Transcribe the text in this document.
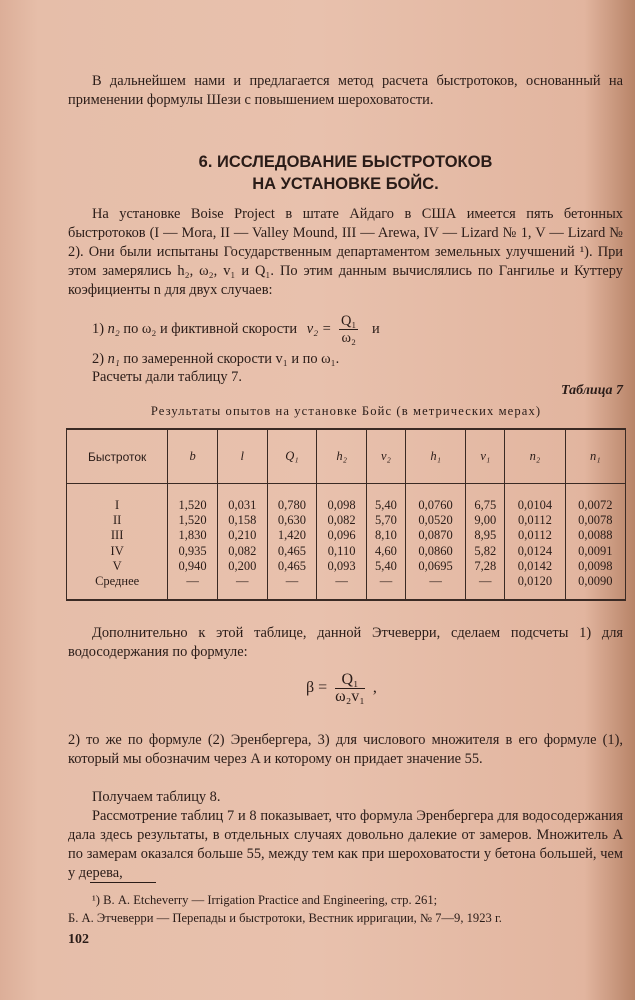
В дальнейшем нами и предлагается метод расчета быстротоков, основанный на применении формулы Шези с повышением шероховатости.

6. ИССЛЕДОВАНИЕ БЫСТРОТОКОВ
НА УСТАНОВКЕ БОЙС.

На установке Boise Project в штате Айдаго в США имеется пять бетонных быстротоков (I — Mora, II — Valley Mound, III — Arewa, IV — Lizard № 1, V — Lizard № 2). Они были испытаны Государственным департаментом земельных улучшений ¹). При этом замерялись h₂, ω₂, v₁ и Q₁. По этим данным вычислялись по Гангилье и Куттеру коэфициенты n для двух случаев:

1) n₂ по ω₂ и фиктивной скорости $v_2 = \frac{\text{Q₁}}{\text{ω₂}}$ и
2) n₁ по замеренной скорости v₁ и по ω₁.
Расчеты дали таблицу 7.
Таблица 7
Результаты опытов на установке Бойс (в метрических мерах)
Быстроток	b	l	Q₁	h₂	v₂	h₁	v₁	n₂	n₁

I	1,520	0,031	0,780	0,098	5,40	0,0760	6,75	0,0104	0,0072
II	1,520	0,158	0,630	0,082	5,70	0,0520	9,00	0,0112	0,0078
III	1,830	0,210	1,420	0,096	8,10	0,0870	8,95	0,0112	0,0088
IV	0,935	0,082	0,465	0,110	4,60	0,0860	5,82	0,0124	0,0091
V	0,940	0,200	0,465	0,093	5,40	0,0695	7,28	0,0142	0,0098
Среднее	—	—	—	—	—	—	—	0,0120	0,0090

Дополнительно к этой таблице, данной Этчеверри, сделаем подсчеты 1) для водосодержания по формуле:

$\beta = \frac{\text{Q₁}}{\text{ω₂v₁}}$ ,

2) то же по формуле (2) Эренбергера, 3) для числового множителя в его формуле (1), который мы обозначим через A и которому он придает значение 55.

Получаем таблицу 8.

Рассмотрение таблиц 7 и 8 показывает, что формула Эренбергера для водосодержания дала здесь результаты, в отдельных случаях довольно далекие от замеров. Множитель A по замерам оказался больше 55, между тем как при шероховатости у бетона большей, чем у дерева,

¹) В. А. Etcheverry — Irrigation Practice and Engineering, стр. 261;

Б. А. Этчеверри — Перепады и быстротоки, Вестник ирригации, № 7—9, 1923 г.

102
